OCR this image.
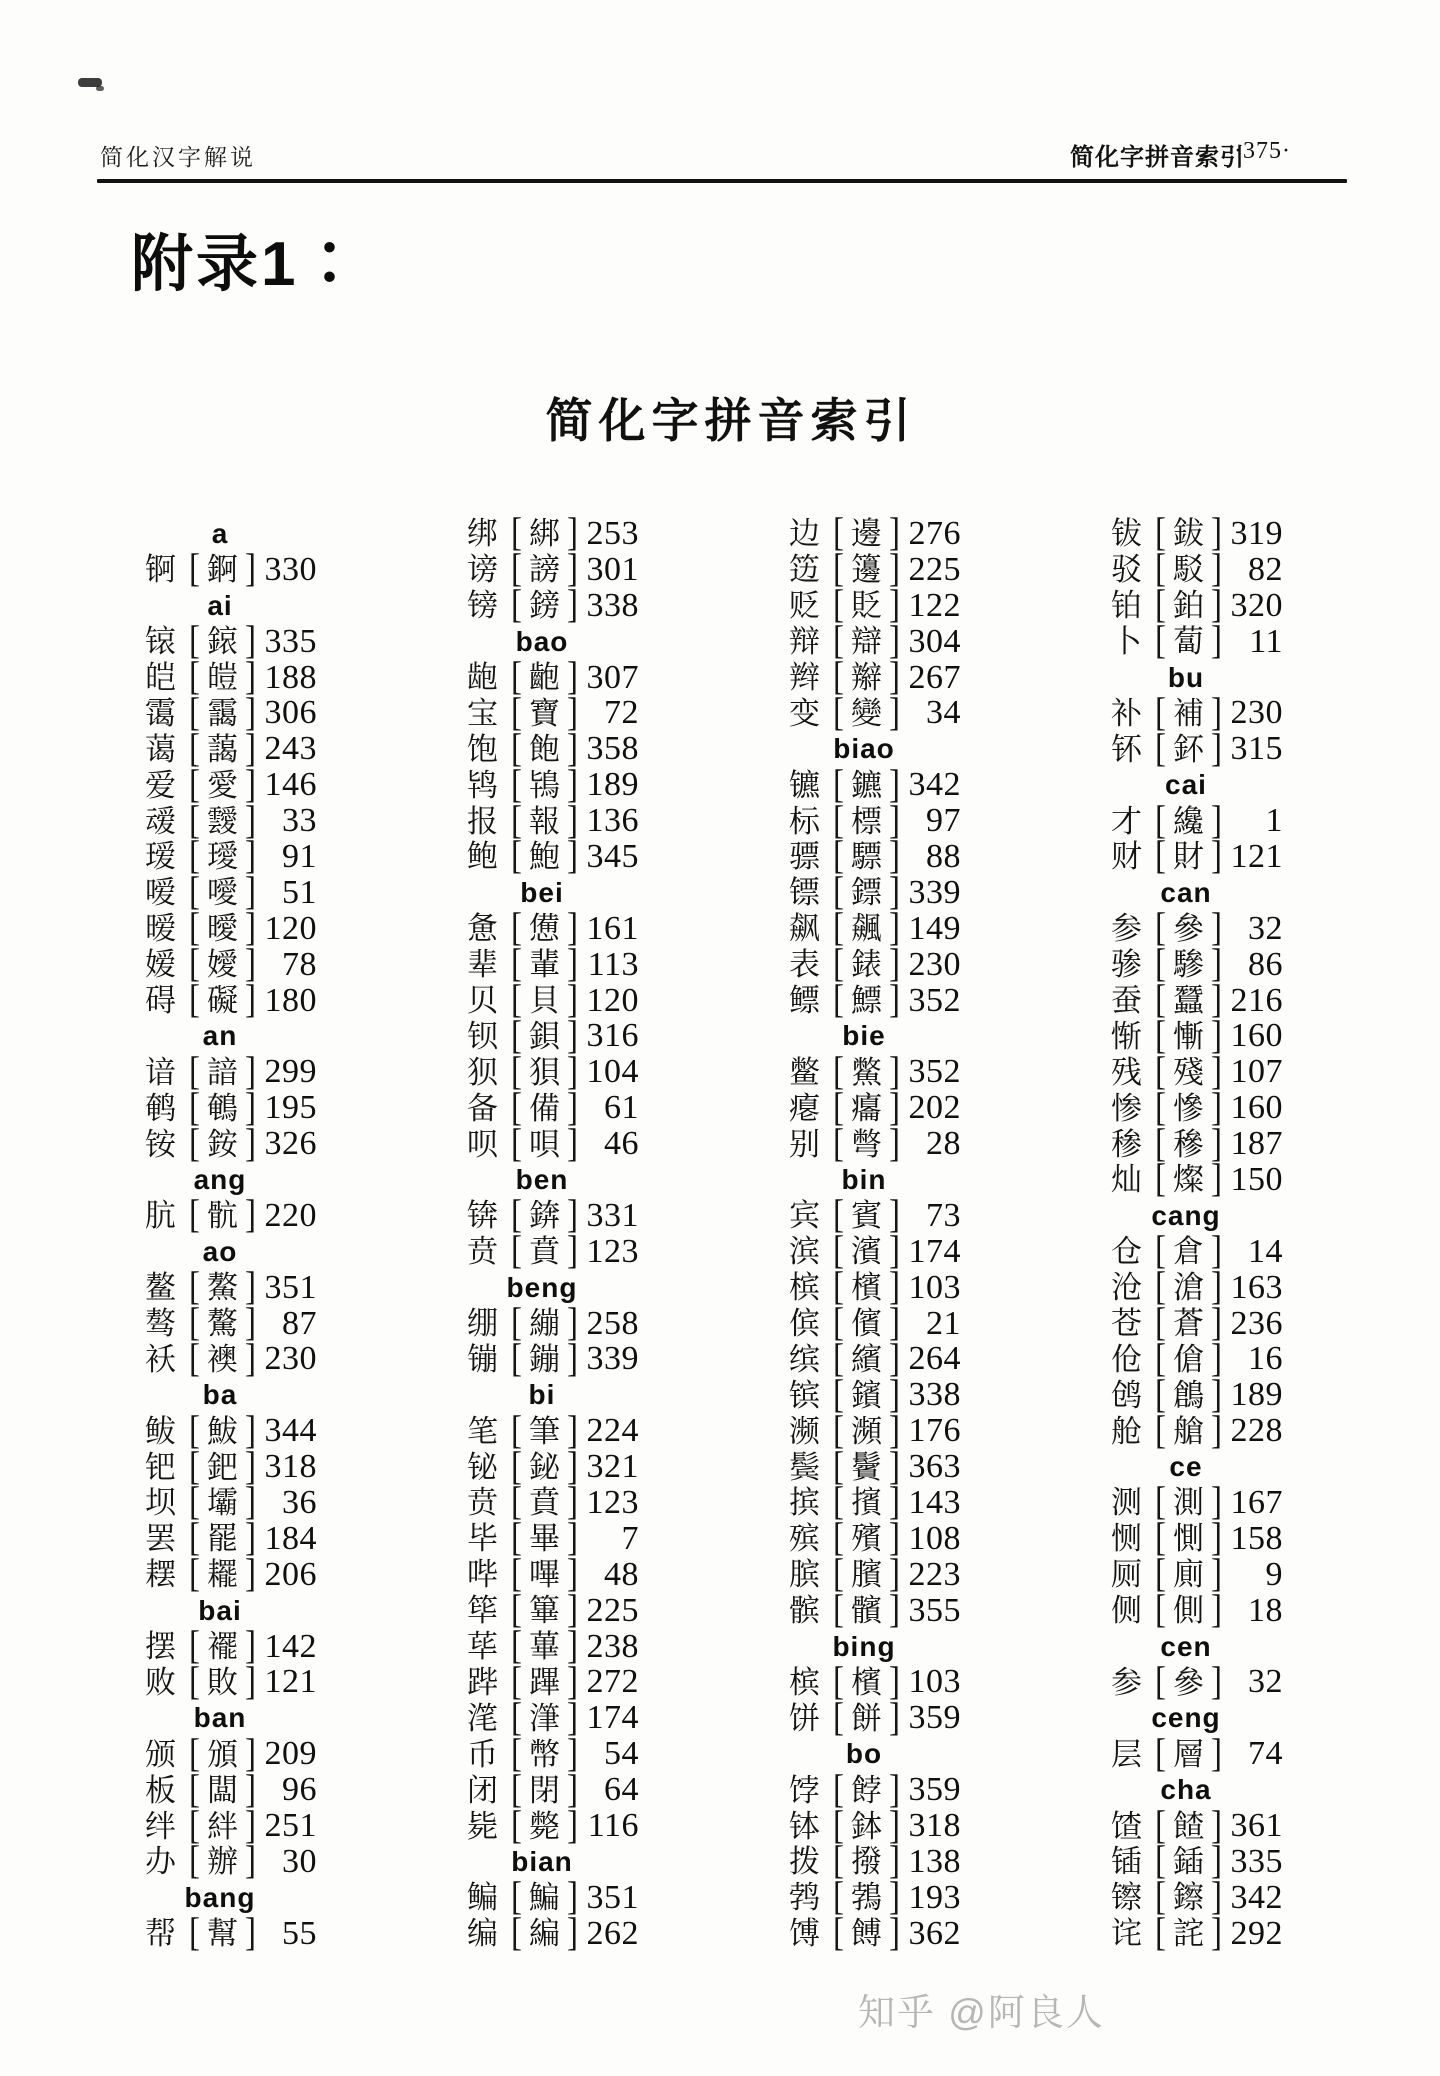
简化汉字解说	简化字拼音索引
·375·
附录1∶
简化字拼音索引
a
锕 [ 錒 ] 330
ai
锿 [ 鎄 ] 335
皑 [ 皚 ] 188
霭 [ 靄 ] 306
蔼 [ 藹 ] 243
爱 [ 愛 ] 146
叆 [ 靉 ] 33
瑷 [ 璦 ] 91
嗳 [ 噯 ] 51
暧 [ 曖 ] 120
嫒 [ 嬡 ] 78
碍 [ 礙 ] 180
an
谙 [ 諳 ] 299
鹌 [ 鵪 ] 195
铵 [ 銨 ] 326
ang
肮 [ 骯 ] 220
ao
鳌 [ 鰲 ] 351
骜 [ 驁 ] 87
袄 [ 襖 ] 230
ba
鲅 [ 鮁 ] 344
钯 [ 鈀 ] 318
坝 [ 壩 ] 36
罢 [ 罷 ] 184
䎬 [ 䎱 ] 206
bai
摆 [ 襬 ] 142
败 [ 敗 ] 121
ban
颁 [ 頒 ] 209
板 [ 闆 ] 96
绊 [ 絆 ] 251
办 [ 辦 ] 30
bang
帮 [ 幫 ] 55
绑 [ 綁 ] 253
谤 [ 謗 ] 301
镑 [ 鎊 ] 338
bao
龅 [ 齙 ] 307
宝 [ 寶 ] 72
饱 [ 飽 ] 358
鸨 [ 鴇 ] 189
报 [ 報 ] 136
鲍 [ 鮑 ] 345
bei
惫 [ 憊 ] 161
辈 [ 輩 ] 113
贝 [ 貝 ] 120
钡 [ 鋇 ] 316
狈 [ 狽 ] 104
备 [ 備 ] 61
呗 [ 唄 ] 46
ben
锛 [ 錛 ] 331
贲 [ 賁 ] 123
beng
绷 [ 繃 ] 258
镚 [ 鏰 ] 339
bi
笔 [ 筆 ] 224
铋 [ 鉍 ] 321
贲 [ 賁 ] 123
毕 [ 畢 ] 7
哔 [ 嗶 ] 48
筚 [ 篳 ] 225
荜 [ 蓽 ] 238
跸 [ 蹕 ] 272
滗 [ 潷 ] 174
币 [ 幣 ] 54
闭 [ 閉 ] 64
毙 [ 斃 ] 116
bian
鳊 [ 鯿 ] 351
编 [ 編 ] 262
边 [ 邊 ] 276
笾 [ 籩 ] 225
贬 [ 貶 ] 122
辩 [ 辯 ] 304
辫 [ 辮 ] 267
变 [ 變 ] 34
biao
镳 [ 鑣 ] 342
标 [ 標 ] 97
骠 [ 驃 ] 88
镖 [ 鏢 ] 339
飙 [ 飆 ] 149
表 [ 錶 ] 230
鳔 [ 鰾 ] 352
bie
鳖 [ 鱉 ] 352
瘪 [ 癟 ] 202
别 [ 彆 ] 28
bin
宾 [ 賓 ] 73
滨 [ 濱 ] 174
槟 [ 檳 ] 103
傧 [ 儐 ] 21
缤 [ 繽 ] 264
镔 [ 鑌 ] 338
濒 [ 瀕 ] 176
鬓 [ 鬢 ] 363
摈 [ 擯 ] 143
殡 [ 殯 ] 108
膑 [ 臏 ] 223
髌 [ 髕 ] 355
bing
槟 [ 檳 ] 103
饼 [ 餅 ] 359
bo
饽 [ 餑 ] 359
钵 [ 鉢 ] 318
拨 [ 撥 ] 138
鹁 [ 鵓 ] 193
馎 [ 餺 ] 362
钹 [ 鈸 ] 319
驳 [ 駁 ] 82
铂 [ 鉑 ] 320
卜 [ 蔔 ] 11
bu
补 [ 補 ] 230
钚 [ 鈈 ] 315
cai
才 [ 纔 ] 1
财 [ 財 ] 121
can
参 [ 參 ] 32
骖 [ 驂 ] 86
蚕 [ 蠶 ] 216
惭 [ 慚 ] 160
残 [ 殘 ] 107
惨 [ 慘 ] 160
䅟 [ 穇 ] 187
灿 [ 燦 ] 150
cang
仓 [ 倉 ] 14
沧 [ 滄 ] 163
苍 [ 蒼 ] 236
伧 [ 傖 ] 16
鸧 [ 鶬 ] 189
舱 [ 艙 ] 228
ce
测 [ 測 ] 167
恻 [ 惻 ] 158
厕 [ 廁 ] 9
侧 [ 側 ] 18
cen
参 [ 參 ] 32
ceng
层 [ 層 ] 74
cha
馇 [ 餷 ] 361
锸 [ 鍤 ] 335
镲 [ 鑔 ] 342
诧 [ 詫 ] 292
知乎 @阿良人
